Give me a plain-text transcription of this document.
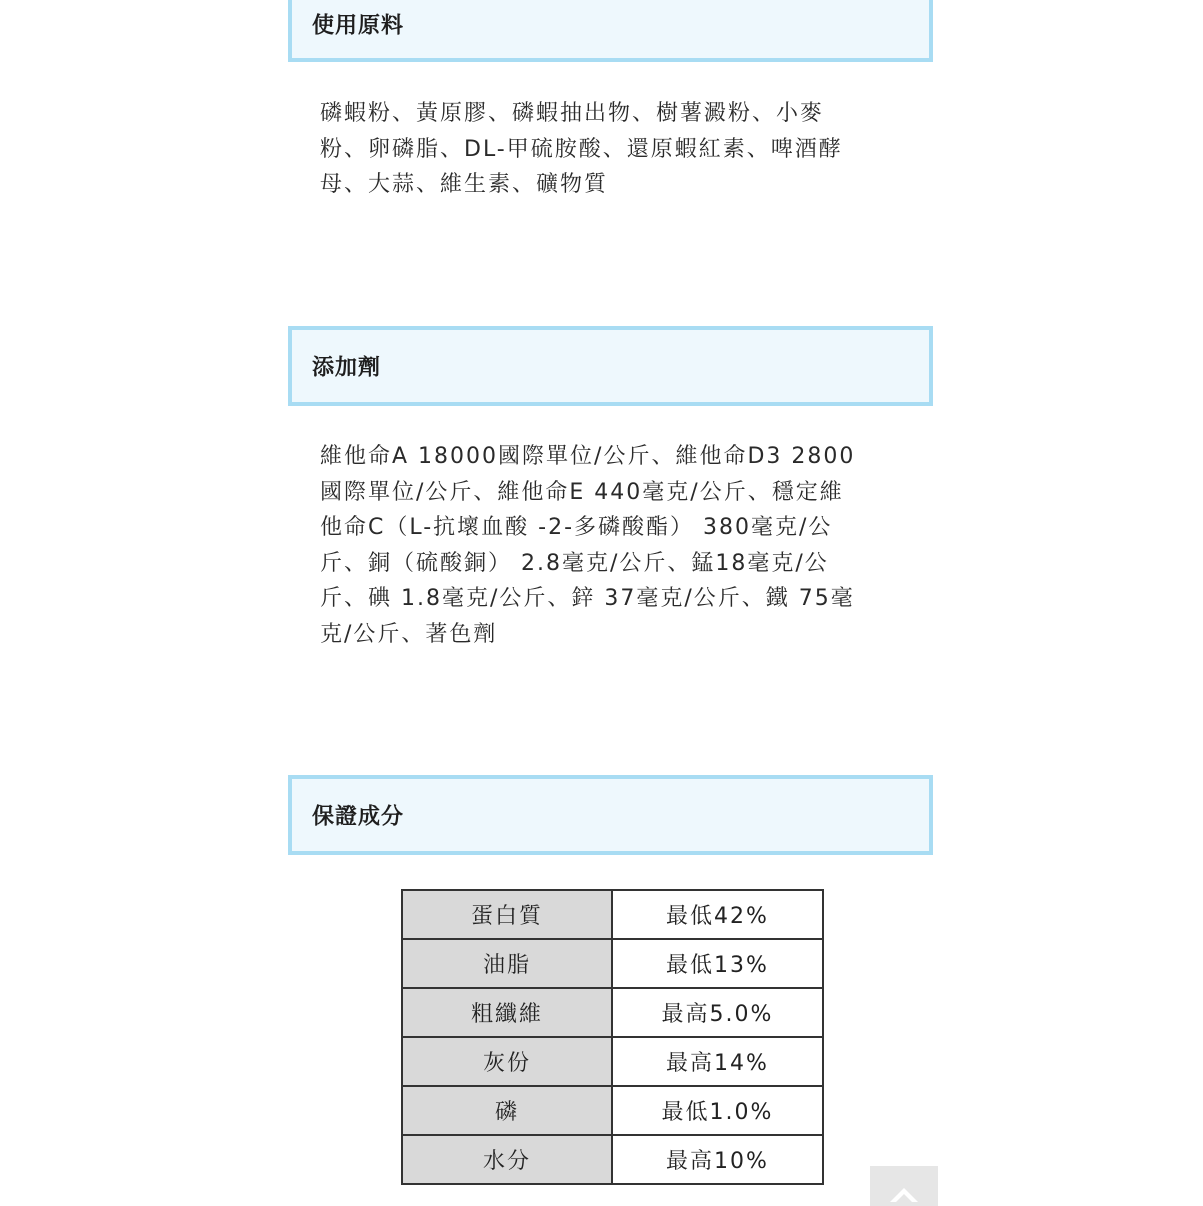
使用原料
磷蝦粉、黃原膠、磷蝦抽出物、樹薯澱粉、小麥
粉、卵磷脂、DL-甲硫胺酸、還原蝦紅素、啤酒酵
母、大蒜、維生素、礦物質
添加劑
維他命A 18000國際單位/公斤、維他命D3 2800
國際單位/公斤、維他命E 440毫克/公斤、穩定維
他命C（L-抗壞血酸 -2-多磷酸酯） 380毫克/公
斤、銅（硫酸銅） 2.8毫克/公斤、錳18毫克/公
斤、碘 1.8毫克/公斤、鋅 37毫克/公斤、鐵 75毫
克/公斤、著色劑
保證成分
蛋白質	最低42%
油脂	最低13%
粗纖維	最高5.0%
灰份	最高14%
磷	最低1.0%
水分	最高10%
